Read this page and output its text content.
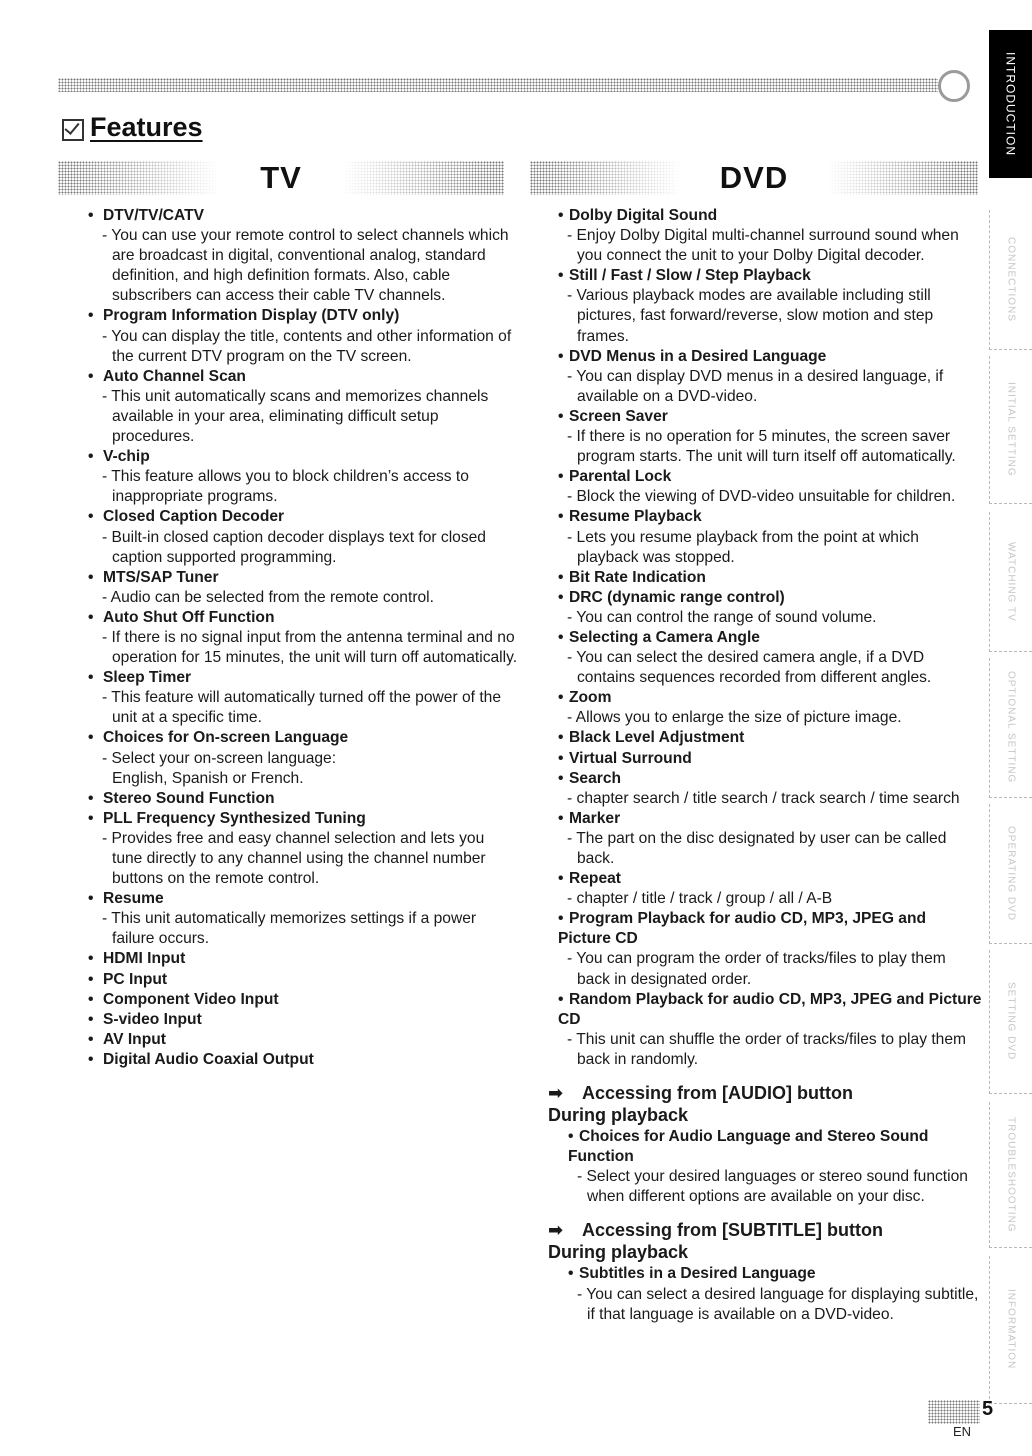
Features
TV	DVD
• DTV/TV/CATV
- You can use your remote control to select channels which are broadcast in digital, conventional analog, standard definition, and high definition formats. Also, cable subscribers can access their cable TV channels.
• Program Information Display (DTV only)
- You can display the title, contents and other information of the current DTV program on the TV screen.
• Auto Channel Scan
- This unit automatically scans and memorizes channels available in your area, eliminating difficult setup procedures.
• V-chip
- This feature allows you to block children’s access to inappropriate programs.
• Closed Caption Decoder
- Built-in closed caption decoder displays text for closed caption supported programming.
• MTS/SAP Tuner
- Audio can be selected from the remote control.
• Auto Shut Off Function
- If there is no signal input from the antenna terminal and no operation for 15 minutes, the unit will turn off automatically.
• Sleep Timer
- This feature will automatically turned off the power of the unit at a specific time.
• Choices for On-screen Language
- Select your on-screen language:
English, Spanish or French.
• Stereo Sound Function
• PLL Frequency Synthesized Tuning
- Provides free and easy channel selection and lets you tune directly to any channel using the channel number buttons on the remote control.
• Resume
- This unit automatically memorizes settings if a power failure occurs.
• HDMI Input
• PC Input
• Component Video Input
• S-video Input
• AV Input
• Digital Audio Coaxial Output
• Dolby Digital Sound
- Enjoy Dolby Digital multi-channel surround sound when you connect the unit to your Dolby Digital decoder.
• Still / Fast / Slow / Step Playback
- Various playback modes are available including still pictures, fast forward/reverse, slow motion and step frames.
• DVD Menus in a Desired Language
- You can display DVD menus in a desired language, if available on a DVD-video.
• Screen Saver
- If there is no operation for 5 minutes, the screen saver program starts. The unit will turn itself off automatically.
• Parental Lock
- Block the viewing of DVD-video unsuitable for children.
• Resume Playback
- Lets you resume playback from the point at which playback was stopped.
• Bit Rate Indication
• DRC (dynamic range control)
- You can control the range of sound volume.
• Selecting a Camera Angle
- You can select the desired camera angle, if a DVD contains sequences recorded from different angles.
• Zoom
- Allows you to enlarge the size of picture image.
• Black Level Adjustment
• Virtual Surround
• Search
- chapter search / title search / track search / time search
• Marker
- The part on the disc designated by user can be called back.
• Repeat
- chapter / title / track / group / all / A-B
• Program Playback for audio CD, MP3, JPEG and Picture CD
- You can program the order of tracks/files to play them back in designated order.
• Random Playback for audio CD, MP3, JPEG and Picture CD
- This unit can shuffle the order of tracks/files to play them back in randomly.
➡ Accessing from [AUDIO] button
During playback
• Choices for Audio Language and Stereo Sound Function
- Select your desired languages or stereo sound function when different options are available on your disc.
➡ Accessing from [SUBTITLE] button
During playback
• Subtitles in a Desired Language
- You can select a desired language for displaying subtitle, if that language is available on a DVD-video.
INTRODUCTION
CONNECTIONS
INITIAL SETTING
WATCHING TV
OPTIONAL SETTING
OPERATING DVD
SETTING DVD
TROUBLESHOOTING
INFORMATION
5
EN
